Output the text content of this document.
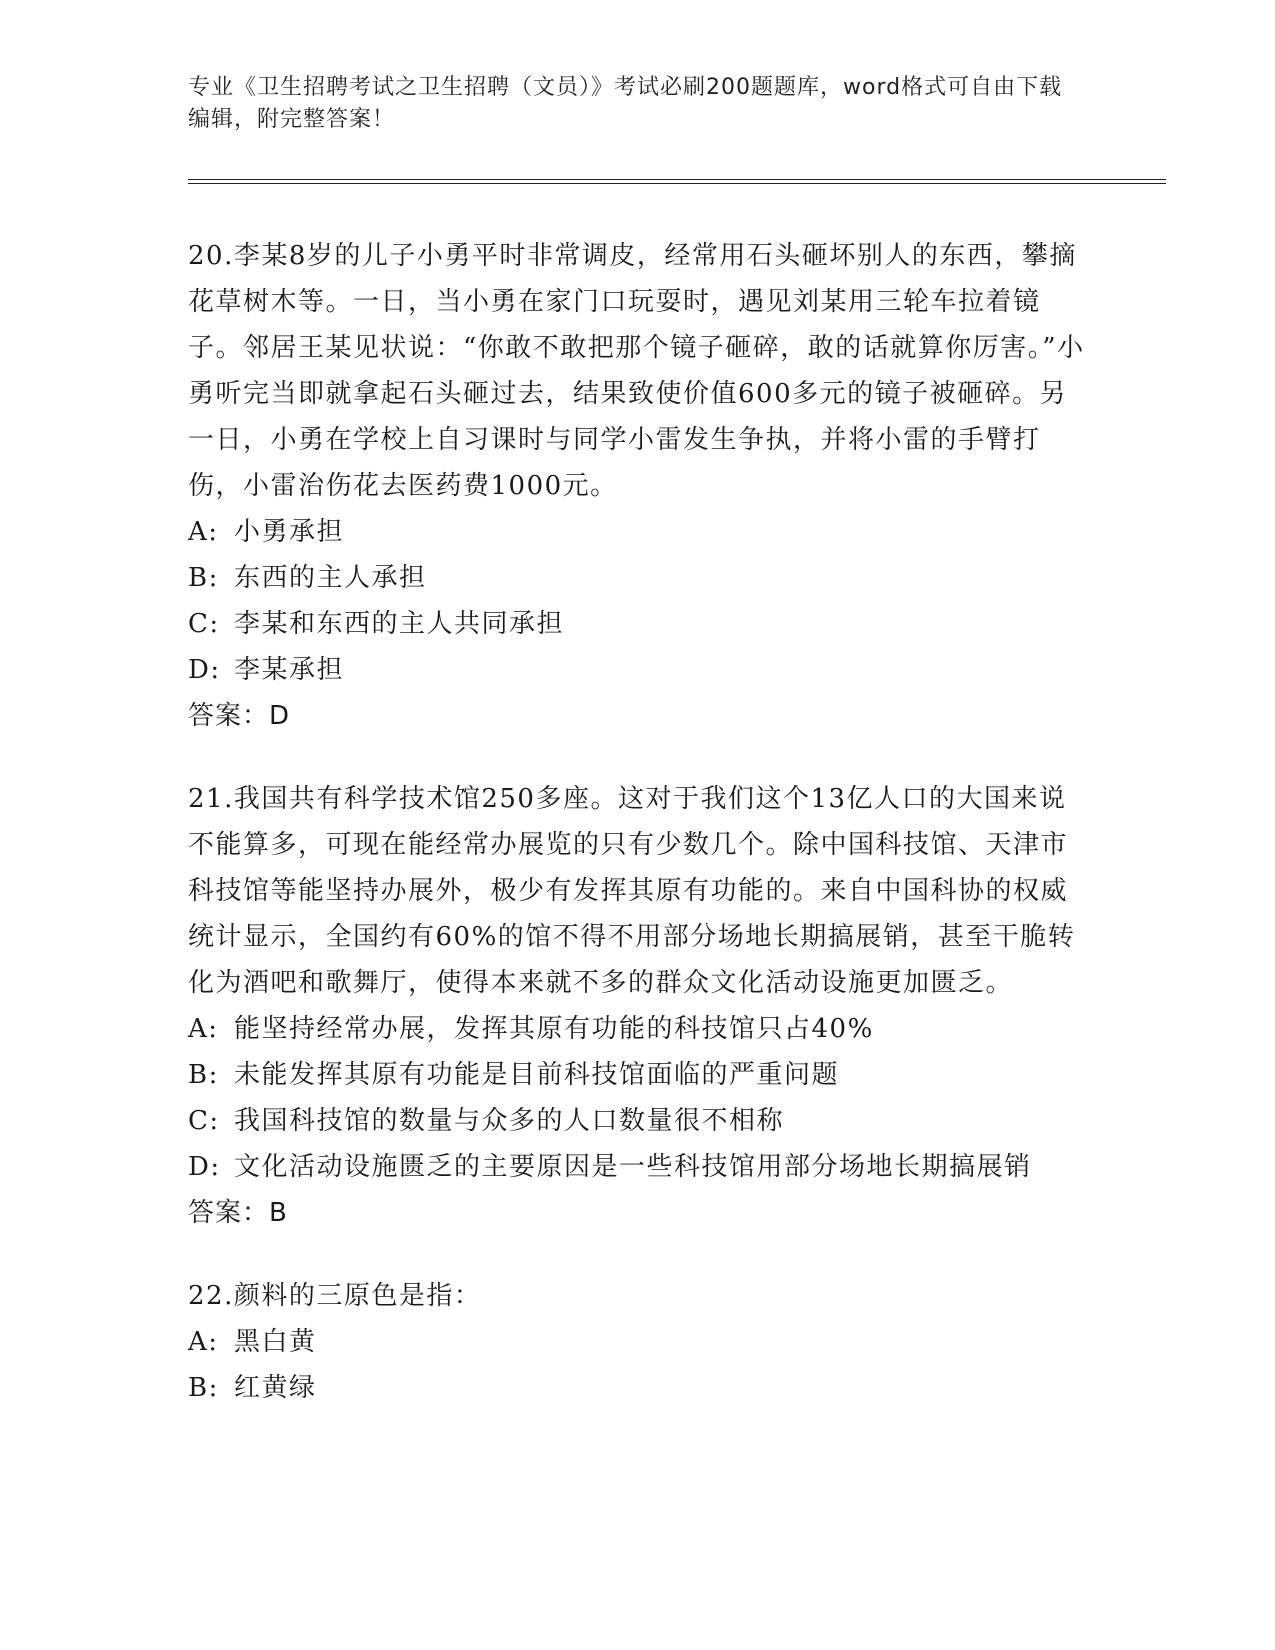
专业《卫生招聘考试之卫生招聘（文员）》考试必刷200题题库，word格式可自由下载编辑，附完整答案！

20.李某8岁的儿子小勇平时非常调皮，经常用石头砸坏别人的东西，攀摘花草树木等。一日，当小勇在家门口玩耍时，遇见刘某用三轮车拉着镜子。邻居王某见状说：“你敢不敢把那个镜子砸碎，敢的话就算你厉害。”小勇听完当即就拿起石头砸过去，结果致使价值600多元的镜子被砸碎。另一日，小勇在学校上自习课时与同学小雷发生争执，并将小雷的手臂打伤，小雷治伤花去医药费1000元。

A: 小勇承担

B: 东西的主人承担

C: 李某和东西的主人共同承担

D: 李某承担

答案：D

21.我国共有科学技术馆250多座。这对于我们这个13亿人口的大国来说不能算多，可现在能经常办展览的只有少数几个。除中国科技馆、天津市科技馆等能坚持办展外，极少有发挥其原有功能的。来自中国科协的权威统计显示，全国约有60%的馆不得不用部分场地长期搞展销，甚至干脆转化为酒吧和歌舞厅，使得本来就不多的群众文化活动设施更加匮乏。

A: 能坚持经常办展，发挥其原有功能的科技馆只占40%

B: 未能发挥其原有功能是目前科技馆面临的严重问题

C: 我国科技馆的数量与众多的人口数量很不相称

D: 文化活动设施匮乏的主要原因是一些科技馆用部分场地长期搞展销

答案：B

22.颜料的三原色是指：

A: 黑白黄

B: 红黄绿
